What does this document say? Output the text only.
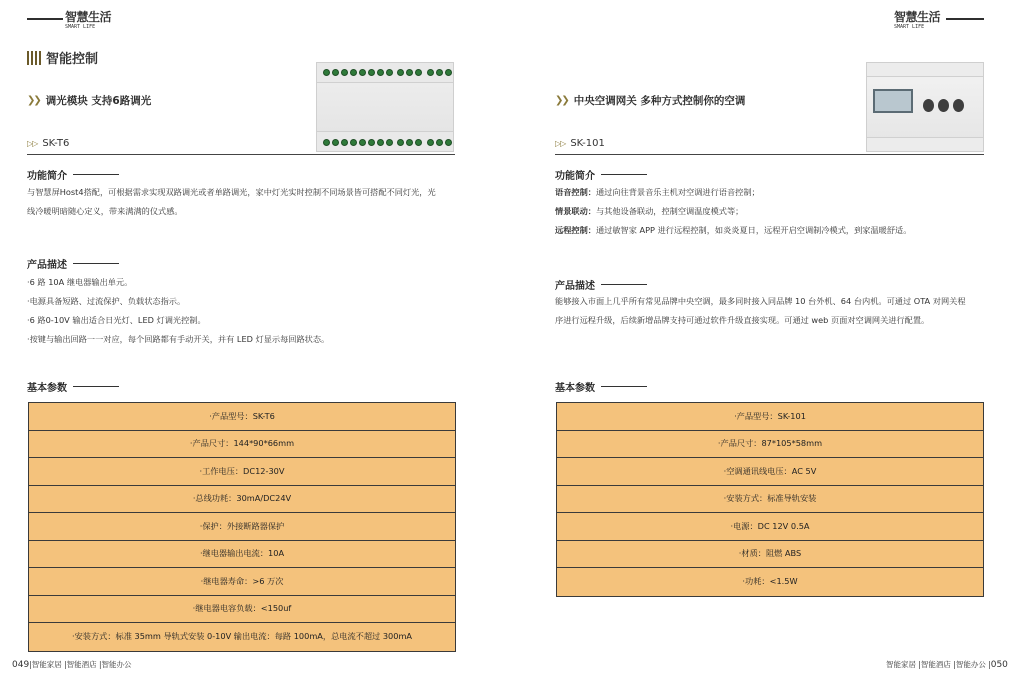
智慧生活
SMART LIFE
智慧生活
SMART LIFE
智能控制
❯❯ 调光模块 支持6路调光
▷▷ SK-T6
功能简介
与智慧屏Host4搭配，可根据需求实现双路调光或者单路调光，家中灯光实时控制不同场景皆可搭配不同灯光，光
线冷暖明暗随心定义，带来满满的仪式感。
产品描述
·6 路 10A 继电器输出单元。
·电源具备短路、过流保护、负载状态指示。
·6 路0-10V 输出适合日光灯、LED 灯调光控制。
·按键与输出回路一一对应，每个回路都有手动开关，并有 LED 灯显示每回路状态。
基本参数
·产品型号：SK-T6
·产品尺寸：144*90*66mm
·工作电压：DC12-30V
·总线功耗：30mA/DC24V
·保护：外接断路器保护
·继电器输出电流：10A
·继电器寿命：>6 万次
·继电器电容负载：<150uf
·安装方式：标准 35mm 导轨式安装 0-10V 输出电流：每路 100mA，总电流不超过 300mA
❯❯ 中央空调网关 多种方式控制你的空调
▷▷ SK-101
功能简介
语音控制：通过向往背景音乐主机对空调进行语音控制；
情景联动：与其他设备联动，控制空调温度模式等；
远程控制：通过敏智家 APP 进行远程控制，如炎炎夏日，远程开启空调制冷模式，到家温暖舒适。
产品描述
能够接入市面上几乎所有常见品牌中央空调，最多同时接入同品牌 10 台外机、64 台内机。可通过 OTA 对网关程
序进行远程升级，后续新增品牌支持可通过软件升级直接实现。可通过 web 页面对空调网关进行配置。
基本参数
·产品型号：SK-101
·产品尺寸：87*105*58mm
·空调通讯线电压：AC 5V
·安装方式：标准导轨安装
·电源：DC 12V 0.5A
·材质：阻燃 ABS
·功耗：<1.5W
049|智能家居 |智能酒店 |智能办公	智能家居 |智能酒店 |智能办公 |050
